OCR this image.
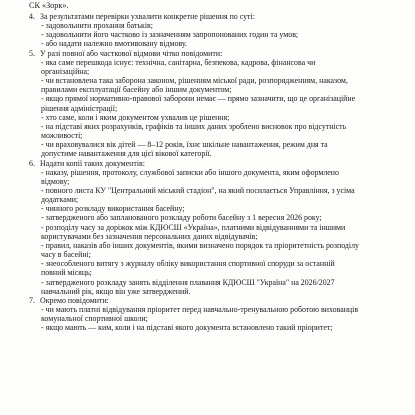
СК «Зорк».
4. За результатами перевірки ухвалити конкретне рішення по суті:
- задовольнити прохання батьків;
- задовольнити його частково із зазначенням запропонованих годин та умов;
- або надати належно вмотивовану відмову.
5. У разі повної або часткової відмови чітко повідомити:
- яка саме перешкода існує: технічна, санітарна, безпекова, кадрова, фінансова чи
організаційна;
- чи встановлена така заборона законом, рішенням міської ради, розпорядженням, наказом,
правилами експлуатації басейну або іншим документом;
- якщо прямої нормативно-правової заборони немає — прямо зазначити, що це організаційне
рішення адміністрації;
- хто саме, коли і яким документом ухвалив це рішення;
- на підставі яких розрахунків, графіків та інших даних зроблено висновок про відсутність
можливості;
- чи враховувалися вік дітей — 8–12 років, їхнє шкільне навантаження, режим дня та
допустиме навантаження для цієї вікової категорії.
6. Надати копії таких документів:
- наказу, рішення, протоколу, службової записки або іншого документа, яким оформлено
відмову;
- повного листа КУ "Центральний міський стадіон", на який посилається Управління, з усіма
додатками;
- чинного розкладу використання басейну;
- затвердженого або запланованого розкладу роботи басейну з 1 вересня 2026 року;
- розподілу часу за доріжок між КДЮСШ «Україна», платними відвідуваннями та іншими
користувачами без зазначення персональних даних відвідувачів;
- правил, наказів або інших документів, якими визначено порядок та пріоритетність розподілу
часу в басейні;
- знеособленого витягу з журналу обліку використання спортивної споруди за останній
повний місяць;
- затвердженого розкладу занять відділення плавання КДЮСШ "Україна" на 2026/2027
навчальний рік, якщо він уже затверджений.
7. Окремо повідомити:
- чи мають платні відвідування пріоритет перед навчально-тренувальною роботою вихованців
комунальної спортивної школи;
- якщо мають — ким, коли і на підставі якого документа встановлено такий пріоритет;
